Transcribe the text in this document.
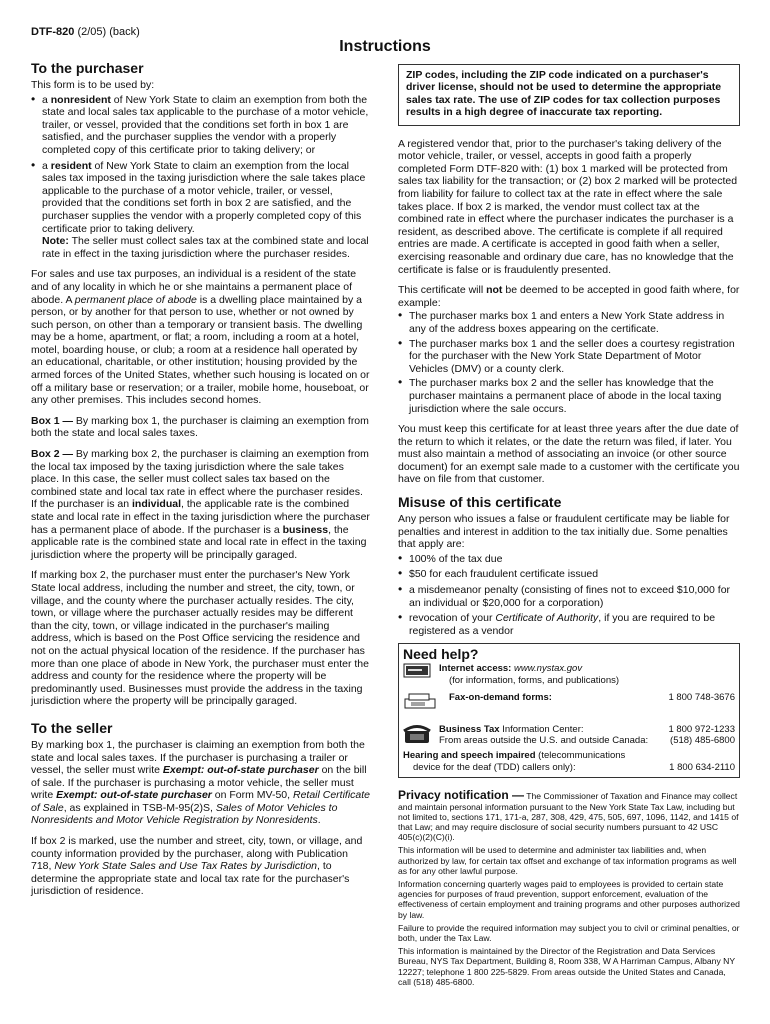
DTF-820 (2/05) (back)
Instructions
To the purchaser
This form is to be used by:
• a nonresident of New York State to claim an exemption from both the state and local sales tax applicable to the purchase of a motor vehicle, trailer, or vessel, provided that the conditions set forth in box 1 are satisfied, and the purchaser supplies the vendor with a properly completed copy of this certificate prior to taking delivery; or
• a resident of New York State to claim an exemption from the local sales tax imposed in the taxing jurisdiction where the sale takes place applicable to the purchase of a motor vehicle, trailer, or vessel, provided that the conditions set forth in box 2 are satisfied, and the purchaser supplies the vendor with a properly completed copy of this certificate prior to taking delivery.
Note: The seller must collect sales tax at the combined state and local rate in effect in the taxing jurisdiction where the purchaser resides.

For sales and use tax purposes, an individual is a resident of the state and of any locality in which he or she maintains a permanent place of abode. A permanent place of abode is a dwelling place maintained by a person, or by another for that person to use, whether or not owned by such person, on other than a temporary or transient basis. The dwelling may be a home, apartment, or flat; a room, including a room at a hotel, motel, boarding house, or club; a room at a residence hall operated by an educational, charitable, or other institution; housing provided by the armed forces of the United States, whether such housing is located on or off a military base or reservation; or a trailer, mobile home, houseboat, or any other premises. This includes second homes.

Box 1 — By marking box 1, the purchaser is claiming an exemption from both the state and local sales taxes.

Box 2 — By marking box 2, the purchaser is claiming an exemption from the local tax imposed by the taxing jurisdiction where the sale takes place. In this case, the seller must collect sales tax based on the combined state and local tax rate in effect where the purchaser resides. If the purchaser is an individual, the applicable rate is the combined state and local rate in effect in the taxing jurisdiction where the purchaser has a permanent place of abode. If the purchaser is a business, the applicable rate is the combined state and local rate in effect in the taxing jurisdiction where the property will be principally garaged.

If marking box 2, the purchaser must enter the purchaser's New York State local address, including the number and street, the city, town, or village, and the county where the purchaser actually resides. The city, town, or village where the purchaser actually resides may be different than the city, town, or village indicated in the purchaser's mailing address, which is based on the Post Office servicing the residence and not on the actual physical location of the residence. If the purchaser has more than one place of abode in New York, the purchaser must enter the address and county for the residence where the property will be predominantly used. Businesses must provide the address in the taxing jurisdiction where the property will be principally garaged.

To the seller

By marking box 1, the purchaser is claiming an exemption from both the state and local sales taxes. If the purchaser is purchasing a trailer or vessel, the seller must write Exempt: out-of-state purchaser on the bill of sale. If the purchaser is purchasing a motor vehicle, the seller must write Exempt: out-of-state purchaser on Form MV-50, Retail Certificate of Sale, as explained in TSB-M-95(2)S, Sales of Motor Vehicles to Nonresidents and Motor Vehicle Registration by Nonresidents.

If box 2 is marked, use the number and street, city, town, or village, and county information provided by the purchaser, along with Publication 718, New York State Sales and Use Tax Rates by Jurisdiction, to determine the appropriate state and local tax rate for the purchaser's jurisdiction of residence.

ZIP codes, including the ZIP code indicated on a purchaser's driver license, should not be used to determine the appropriate sales tax rate. The use of ZIP codes for tax collection purposes results in a high degree of inaccurate tax reporting.

A registered vendor that, prior to the purchaser's taking delivery of the motor vehicle, trailer, or vessel, accepts in good faith a properly completed Form DTF-820 with: (1) box 1 marked will be protected from sales tax liability for the transaction; or (2) box 2 marked will be protected from liability for failure to collect tax at the rate in effect where the sale takes place. If box 2 is marked, the vendor must collect tax at the combined rate in effect where the purchaser indicates the purchaser is a resident, as described above. The certificate is complete if all required entries are made. A certificate is accepted in good faith when a seller, exercising reasonable and ordinary due care, has no knowledge that the certificate is false or is fraudulently presented.

This certificate will not be deemed to be accepted in good faith where, for example:
• The purchaser marks box 1 and enters a New York State address in any of the address boxes appearing on the certificate.
• The purchaser marks box 1 and the seller does a courtesy registration for the purchaser with the New York State Department of Motor Vehicles (DMV) or a county clerk.
• The purchaser marks box 2 and the seller has knowledge that the purchaser maintains a permanent place of abode in the local taxing jurisdiction where the sale occurs.

You must keep this certificate for at least three years after the due date of the return to which it relates, or the date the return was filed, if later. You must also maintain a method of associating an invoice (or other source document) for an exempt sale made to a customer with the certificate you have on file from that customer.

Misuse of this certificate
Any person who issues a false or fraudulent certificate may be liable for penalties and interest in addition to the tax initially due. Some penalties that apply are:
• 100% of the tax due
• $50 for each fraudulent certificate issued
• a misdemeanor penalty (consisting of fines not to exceed $10,000 for an individual or $20,000 for a corporation)
• revocation of your Certificate of Authority, if you are required to be registered as a vendor
Need help?
Internet access: www.nystax.gov
(for information, forms, and publications)
Fax-on-demand forms:	1 800 748-3676
Business Tax Information Center:
From areas outside the U.S. and outside Canada:
1 800 972-1233
(518) 485-6800
Hearing and speech impaired (telecommunications
device for the deaf (TDD) callers only):	1 800 634-2110
Privacy notification — The Commissioner of Taxation and Finance may collect and maintain personal information pursuant to the New York State Tax Law, including but not limited to, sections 171, 171-a, 287, 308, 429, 475, 505, 697, 1096, 1142, and 1415 of that Law; and may require disclosure of social security numbers pursuant to 42 USC 405(c)(2)(C)(i).
This information will be used to determine and administer tax liabilities and, when authorized by law, for certain tax offset and exchange of tax information programs as well as for any other lawful purpose.
Information concerning quarterly wages paid to employees is provided to certain state agencies for purposes of fraud prevention, support enforcement, evaluation of the effectiveness of certain employment and training programs and other purposes authorized by law.
Failure to provide the required information may subject you to civil or criminal penalties, or both, under the Tax Law.
This information is maintained by the Director of the Registration and Data Services Bureau, NYS Tax Department, Building 8, Room 338, W A Harriman Campus, Albany NY 12227; telephone 1 800 225-5829. From areas outside the United States and Canada, call (518) 485-6800.
